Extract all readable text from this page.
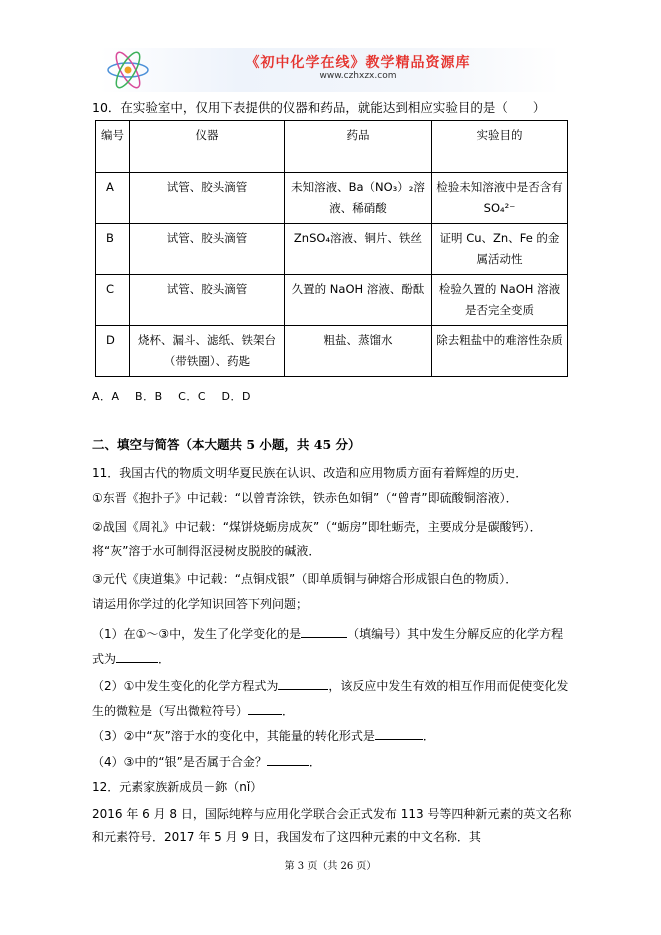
《初中化学在线》教学精品资源库
www.czhxzx.com
10．在实验室中，仅用下表提供的仪器和药品，就能达到相应实验目的是（　　）
编号	仪器	药品	实验目的
A	试管、胶头滴管	未知溶液、Ba（NO₃）₂溶液、稀硝酸	检验未知溶液中是否含有SO₄²⁻
B	试管、胶头滴管	ZnSO₄溶液、铜片、铁丝	证明 Cu、Zn、Fe 的金属活动性
C	试管、胶头滴管	久置的 NaOH 溶液、酚酞	检验久置的 NaOH 溶液是否完全变质
D	烧杯、漏斗、滤纸、铁架台（带铁圈）、药匙	粗盐、蒸馏水	除去粗盐中的难溶性杂质
A．A　 B．B　 C．C　 D．D
二、填空与简答（本大题共 5 小题，共 45 分）
11．我国古代的物质文明华夏民族在认识、改造和应用物质方面有着辉煌的历史．
①东晋《抱扑子》中记载：“以曾青涂铁，铁赤色如铜”（“曾青”即硫酸铜溶液）．
②战国《周礼》中记载：“煤饼烧蛎房成灰”（“蛎房”即牡蛎壳，主要成分是碳酸钙）．将“灰”溶于水可制得沤浸树皮脱胶的碱液．
③元代《庚道集》中记载：“点铜戍银”（即单质铜与砷熔合形成银白色的物质）．
请运用你学过的化学知识回答下列问题；
（1）在①～③中，发生了化学变化的是	（填编号）其中发生分解反应的化学方程式为	．
（2）①中发生变化的化学方程式为	，该反应中发生有效的相互作用而促使变化发生的微粒是（写出微粒符号）	．
（3）②中“灰”溶于水的变化中，其能量的转化形式是	．
（4）③中的“银”是否属于合金？	．
12．元素家族新成员－鉨（nǐ）
2016 年 6 月 8 日，国际纯粹与应用化学联合会正式发布 113 号等四种新元素的英文名称和元素符号．2017 年 5 月 9 日，我国发布了这四种元素的中文名称．其
第 3 页（共 26 页）
